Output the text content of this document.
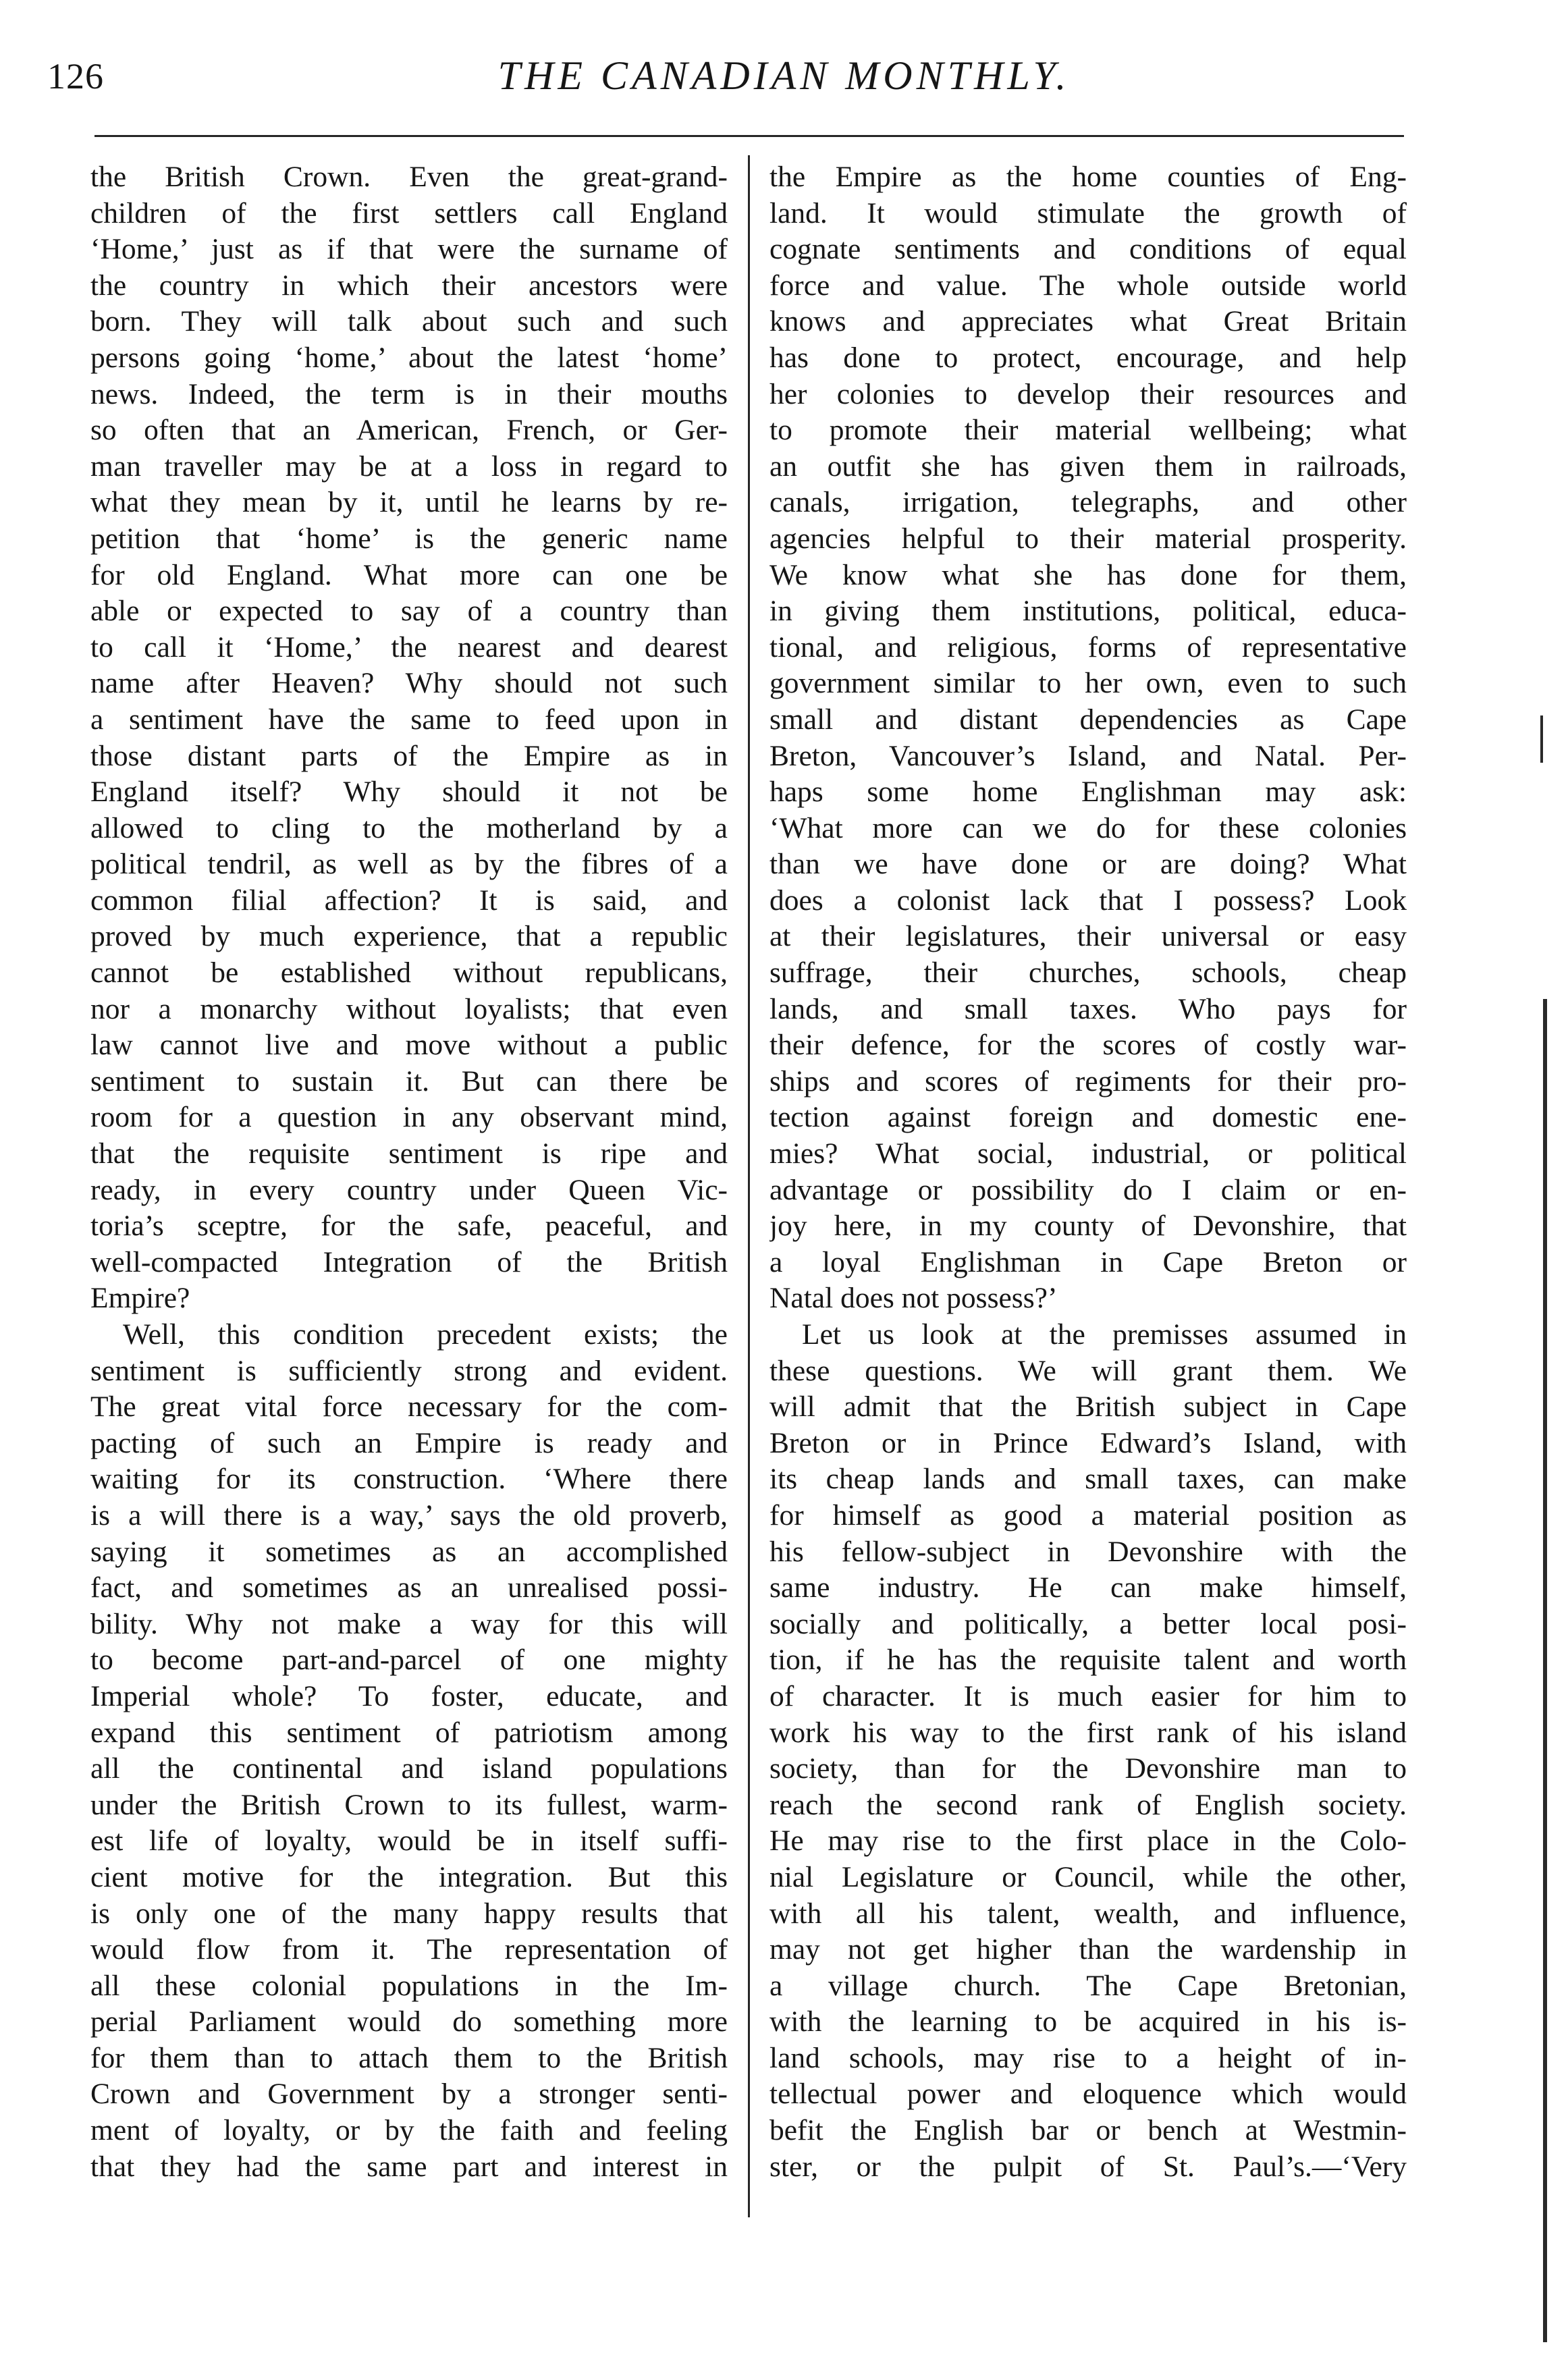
126	THE CANADIAN MONTHLY.
the British Crown. Even the great-grand-
children of the first settlers call England
‘Home,’ just as if that were the surname of
the country in which their ancestors were
born. They will talk about such and such
persons going ‘home,’ about the latest ‘home’
news. Indeed, the term is in their mouths
so often that an American, French, or Ger-
man traveller may be at a loss in regard to
what they mean by it, until he learns by re-
petition that ‘home’ is the generic name
for old England. What more can one be
able or expected to say of a country than
to call it ‘Home,’ the nearest and dearest
name after Heaven? Why should not such
a sentiment have the same to feed upon in
those distant parts of the Empire as in
England itself? Why should it not be
allowed to cling to the motherland by a
political tendril, as well as by the fibres of a
common filial affection? It is said, and
proved by much experience, that a republic
cannot be established without republicans,
nor a monarchy without loyalists; that even
law cannot live and move without a public
sentiment to sustain it. But can there be
room for a question in any observant mind,
that the requisite sentiment is ripe and
ready, in every country under Queen Vic-
toria’s sceptre, for the safe, peaceful, and
well-compacted Integration of the British
Empire?
Well, this condition precedent exists; the
sentiment is sufficiently strong and evident.
The great vital force necessary for the com-
pacting of such an Empire is ready and
waiting for its construction. ‘Where there
is a will there is a way,’ says the old proverb,
saying it sometimes as an accomplished
fact, and sometimes as an unrealised possi-
bility. Why not make a way for this will
to become part-and-parcel of one mighty
Imperial whole? To foster, educate, and
expand this sentiment of patriotism among
all the continental and island populations
under the British Crown to its fullest, warm-
est life of loyalty, would be in itself suffi-
cient motive for the integration. But this
is only one of the many happy results that
would flow from it. The representation of
all these colonial populations in the Im-
perial Parliament would do something more
for them than to attach them to the British
Crown and Government by a stronger senti-
ment of loyalty, or by the faith and feeling
that they had the same part and interest in
the Empire as the home counties of Eng-
land. It would stimulate the growth of
cognate sentiments and conditions of equal
force and value. The whole outside world
knows and appreciates what Great Britain
has done to protect, encourage, and help
her colonies to develop their resources and
to promote their material wellbeing; what
an outfit she has given them in railroads,
canals, irrigation, telegraphs, and other
agencies helpful to their material prosperity.
We know what she has done for them,
in giving them institutions, political, educa-
tional, and religious, forms of representative
government similar to her own, even to such
small and distant dependencies as Cape
Breton, Vancouver’s Island, and Natal. Per-
haps some home Englishman may ask:
‘What more can we do for these colonies
than we have done or are doing? What
does a colonist lack that I possess? Look
at their legislatures, their universal or easy
suffrage, their churches, schools, cheap
lands, and small taxes. Who pays for
their defence, for the scores of costly war-
ships and scores of regiments for their pro-
tection against foreign and domestic ene-
mies? What social, industrial, or political
advantage or possibility do I claim or en-
joy here, in my county of Devonshire, that
a loyal Englishman in Cape Breton or
Natal does not possess?’
Let us look at the premisses assumed in
these questions. We will grant them. We
will admit that the British subject in Cape
Breton or in Prince Edward’s Island, with
its cheap lands and small taxes, can make
for himself as good a material position as
his fellow-subject in Devonshire with the
same industry. He can make himself,
socially and politically, a better local posi-
tion, if he has the requisite talent and worth
of character. It is much easier for him to
work his way to the first rank of his island
society, than for the Devonshire man to
reach the second rank of English society.
He may rise to the first place in the Colo-
nial Legislature or Council, while the other,
with all his talent, wealth, and influence,
may not get higher than the wardenship in
a village church. The Cape Bretonian,
with the learning to be acquired in his is-
land schools, may rise to a height of in-
tellectual power and eloquence which would
befit the English bar or bench at Westmin-
ster, or the pulpit of St. Paul’s.—‘Very
